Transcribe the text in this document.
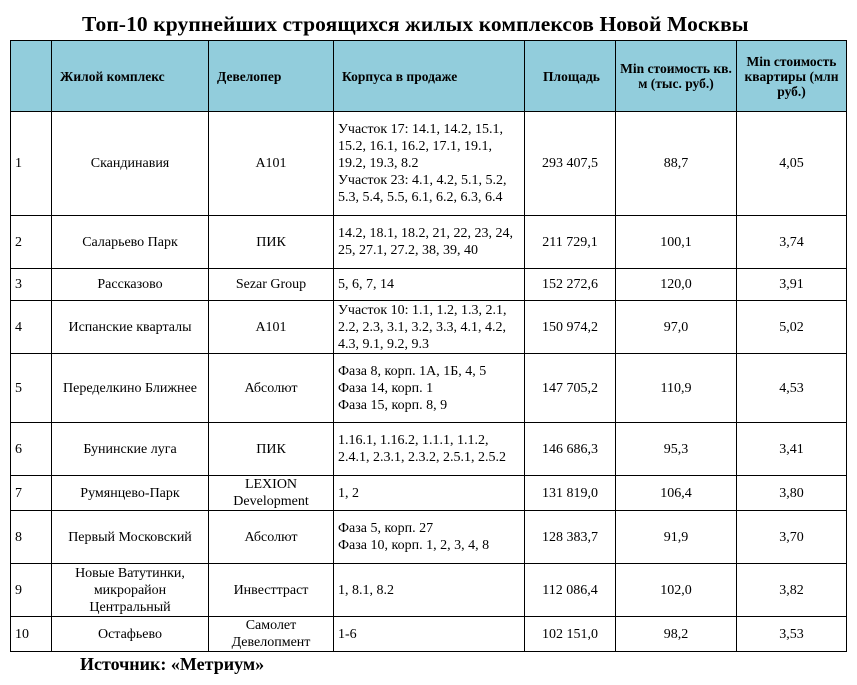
Топ-10 крупнейших строящихся жилых комплексов Новой Москвы
	Жилой комплекс	Девелопер	Корпуса в продаже	Площадь	Min стоимость кв. м (тыс. руб.)	Min стоимость квартиры (млн руб.)
1	Скандинавия	А101	Участок 17: 14.1, 14.2, 15.1, 15.2, 16.1, 16.2, 17.1, 19.1, 19.2, 19.3, 8.2
Участок 23: 4.1, 4.2, 5.1, 5.2, 5.3, 5.4, 5.5, 6.1, 6.2, 6.3, 6.4	293 407,5	88,7	4,05
2	Саларьево Парк	ПИК	14.2, 18.1, 18.2, 21, 22, 23, 24, 25, 27.1, 27.2, 38, 39, 40	211 729,1	100,1	3,74
3	Рассказово	Sezar Group	5, 6, 7, 14	152 272,6	120,0	3,91
4	Испанские кварталы	А101	Участок 10: 1.1, 1.2, 1.3, 2.1, 2.2, 2.3, 3.1, 3.2, 3.3, 4.1, 4.2, 4.3, 9.1, 9.2, 9.3	150 974,2	97,0	5,02
5	Переделкино Ближнее	Абсолют	Фаза 8, корп. 1А, 1Б, 4, 5
Фаза 14, корп. 1
Фаза 15, корп. 8, 9	147 705,2	110,9	4,53
6	Бунинские луга	ПИК	1.16.1, 1.16.2, 1.1.1, 1.1.2, 2.4.1, 2.3.1, 2.3.2, 2.5.1, 2.5.2	146 686,3	95,3	3,41
7	Румянцево-Парк	LEXION Development	1, 2	131 819,0	106,4	3,80
8	Первый Московский	Абсолют	Фаза 5, корп. 27
Фаза 10, корп. 1, 2, 3, 4, 8	128 383,7	91,9	3,70
9	Новые Ватутинки, микрорайон Центральный	Инвесттраст	1, 8.1, 8.2	112 086,4	102,0	3,82
10	Остафьево	Самолет Девелопмент	1-6	102 151,0	98,2	3,53
Источник: «Метриум»
